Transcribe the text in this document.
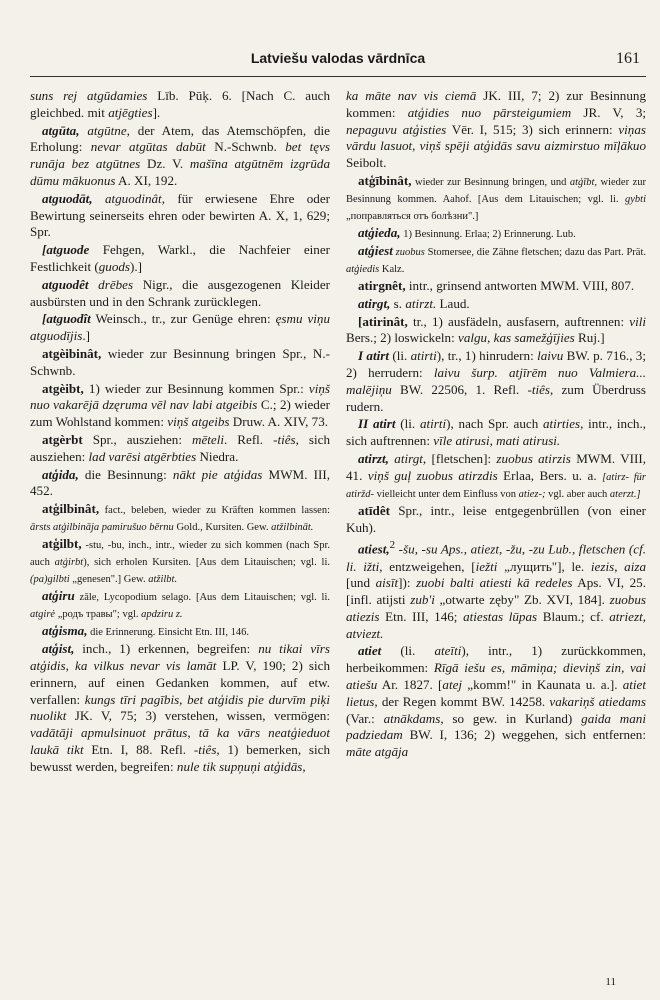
Latviešu valodas vārdnīca	161

suns rej atgūdamies Līb. Pūķ. 6. [Nach C. auch gleichbed. mit atjēgties].

atgūta, atgūtne, der Atem, das Atemschöpfen, die Erholung: nevar atgūtas dabūt N.-Schwnb. bet tęvs runāja bez atgūtnes Dz. V. mašīna atgūtnēm izgrūda dūmu mākuonus A. XI, 192.

atguodāt, atguodinât, für erwiesene Ehre oder Bewirtung seinerseits ehren oder bewirten A. X, 1, 629; Spr.

[atguode Fehgen, Warkl., die Nachfeier einer Festlichkeit (guods).]

atguodêt drēbes Nigr., die ausgezogenen Kleider ausbürsten und in den Schrank zurücklegen.

[atguodît Weinsch., tr., zur Genüge ehren: ęsmu viņu atguodījis.]

atgèibinât, wieder zur Besinnung bringen Spr., N.-Schwnb.

atgèibt, 1) wieder zur Besinnung kommen Spr.: viņš nuo vakarējā dzęruma vēl nav labi atgeibis C.; 2) wieder zum Wohlstand kommen: viņš atgeibs Druw. A. XIV, 73.

atgèrbt Spr., ausziehen: mēteli. Refl. -tiês, sich ausziehen: lad varēsi atgērbties Niedra.

atģida, die Besinnung: nākt pie atģidas MWM. III, 452.

atģilbinât, fact., beleben, wieder zu Kräften kommen lassen: ārsts atģilbināja pamirušuo bērnu Gold., Kursiten. Gew. atžilbināt.

atģilbt, -stu, -bu, inch., intr., wieder zu sich kommen (nach Spr. auch atģirbt), sich erholen Kursiten. [Aus dem Litauischen; vgl. li. (pa)gilbti „genesen".] Gew. atžilbt.

atģiru zāle, Lycopodium selago. [Aus dem Litauischen; vgl. li. atgirė „родъ травы"; vgl. apdziru z.

atģisma, die Erinnerung. Einsicht Etn. III, 146.

atģist, inch., 1) erkennen, begreifen: nu tikai vīrs atģidis, ka vilkus nevar vis lamāt LP. V, 190; 2) sich erinnern, auf einen Gedanken kommen, auf etw. verfallen: kungs tīri pagībis, bet atģidis pie durvīm piķi nuolikt JK. V, 75; 3) verstehen, wissen, vermögen: vadātāji apmulsinuot prātus, tā ka vārs neatģieduot laukā tikt Etn. I, 88. Refl. -tiês, 1) bemerken, sich bewusst werden, begreifen: nule tik supņuņi atģidās,

ka māte nav vis ciemā JK. III, 7; 2) zur Besinnung kommen: atģidies nuo pārsteigumiem JR. V, 3; nepaguvu atģisties Vēr. I, 515; 3) sich erinnern: viņas vārdu lasuot, viņš spēji atģidās savu aizmirstuo mīļākuo Seibolt.

atģībinât, wieder zur Besinnung bringen, und atģībt, wieder zur Besinnung kommen. Aahof. [Aus dem Litauischen; vgl. li. gybti „поправляться отъ болѣзни".]

atģieda, 1) Besinnung. Erlaa; 2) Erinnerung. Lub.

atģiest zuobus Stomersee, die Zähne fletschen; dazu das Part. Prät. atģiedis Kalz.

atirgnêt, intr., grinsend antworten MWM. VIII, 807.

atirgt, s. atirzt. Laud.

[atirinât, tr., 1) ausfädeln, ausfasern, auftrennen: vili Bers.; 2) loswickeln: valgu, kas samežģījies Ruj.]

I atirt (li. atirti), tr., 1) hinrudern: laivu BW. p. 716., 3; 2) herrudern: laivu šurp. atjīrēm nuo Valmiera... malējiņu BW. 22506, 1. Refl. -tiês, zum Überdruss rudern.

II atirt (li. atirti), nach Spr. auch atirties, intr., inch., sich auftrennen: vīle atirusi, mati atirusi.

atirzt, atirgt, [fletschen]: zuobus atirzis MWM. VIII, 41. viņš guļ zuobus atirzdis Erlaa, Bers. u. a. [atirz- für atiržd- vielleicht unter dem Einfluss von atiez-; vgl. aber auch aterzt.]

atīdêt Spr., intr., leise entgegenbrüllen (von einer Kuh).

atiest,$^2$ -šu, -su Aps., atiezt, -žu, -zu Lub., fletschen (cf. li. ižti, entzweigehen, [iežti „лущить"], le. iezis, aiza [und aisīt]): zuobi balti atiesti kā redeles Aps. VI, 25. [infl. atijsti zub'i „otwarte zęby" Zb. XVI, 184]. zuobus atiezis Etn. III, 146; atiestas lūpas Blaum.; cf. atriezt, atviezt.

atiet (li. ateīti), intr., 1) zurückkommen, herbeikommen: Rīgā iešu es, māmiņa; dieviņš zin, vai atiešu Ar. 1827. [atej „komm!" in Kaunata u. a.]. atiet lietus, der Regen kommt BW. 14258. vakariņš atiedams (Var.: atnākdams, so gew. in Kurland) gaida mani padziedam BW. I, 136; 2) weggehen, sich entfernen: māte atgāja

11
